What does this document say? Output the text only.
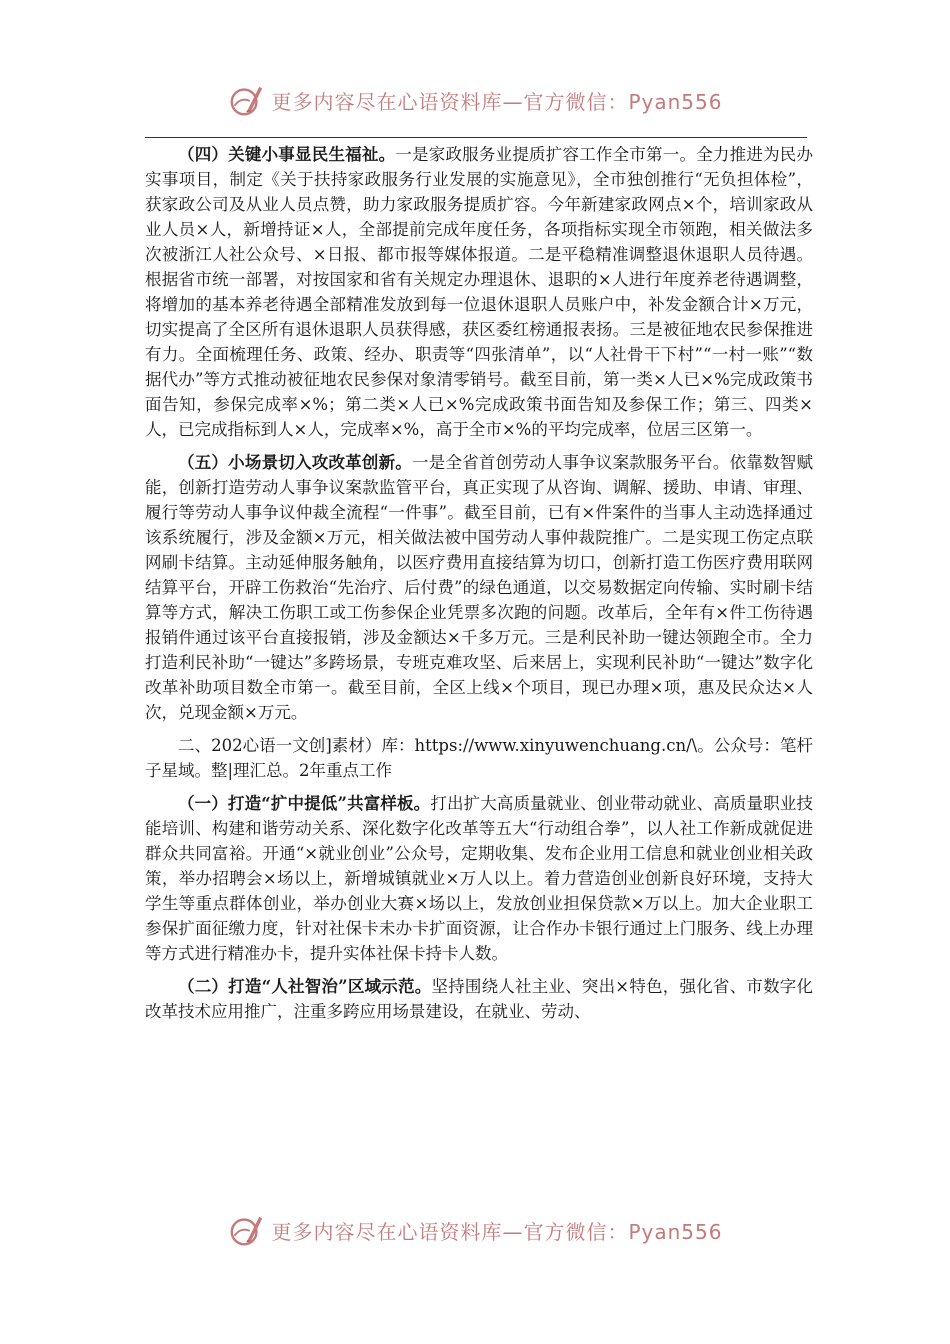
更多内容尽在心语资料库—官方微信：Pyan556

（四）关键小事显民生福祉。一是家政服务业提质扩容工作全市第一。全力推进为民办实事项目，制定《关于扶持家政服务行业发展的实施意见》，全市独创推行“无负担体检”，获家政公司及从业人员点赞，助力家政服务提质扩容。今年新建家政网点×个，培训家政从业人员×人，新增持证×人，全部提前完成年度任务，各项指标实现全市领跑，相关做法多次被浙江人社公众号、×日报、都市报等媒体报道。二是平稳精准调整退休退职人员待遇。根据省市统一部署，对按国家和省有关规定办理退休、退职的×人进行年度养老待遇调整，将增加的基本养老待遇全部精准发放到每一位退休退职人员账户中，补发金额合计×万元，切实提高了全区所有退休退职人员获得感，获区委红榜通报表扬。三是被征地农民参保推进有力。全面梳理任务、政策、经办、职责等“四张清单”，以“人社骨干下村”“一村一账”“数据代办”等方式推动被征地农民参保对象清零销号。截至目前，第一类×人已×%完成政策书面告知，参保完成率×%；第二类×人已×%完成政策书面告知及参保工作；第三、四类×人，已完成指标到人×人，完成率×%，高于全市×%的平均完成率，位居三区第一。

（五）小场景切入攻改革创新。一是全省首创劳动人事争议案款服务平台。依靠数智赋能，创新打造劳动人事争议案款监管平台，真正实现了从咨询、调解、援助、申请、审理、履行等劳动人事争议仲裁全流程“一件事”。截至目前，已有×件案件的当事人主动选择通过该系统履行，涉及金额×万元，相关做法被中国劳动人事仲裁院推广。二是实现工伤定点联网刷卡结算。主动延伸服务触角，以医疗费用直接结算为切口，创新打造工伤医疗费用联网结算平台，开辟工伤救治“先治疗、后付费”的绿色通道，以交易数据定向传输、实时刷卡结算等方式，解决工伤职工或工伤参保企业凭票多次跑的问题。改革后，全年有×件工伤待遇报销件通过该平台直接报销，涉及金额达×千多万元。三是利民补助一键达领跑全市。全力打造利民补助“一键达”多跨场景，专班克难攻坚、后来居上，实现利民补助“一键达”数字化改革补助项目数全市第一。截至目前，全区上线×个项目，现已办理×项，惠及民众达×人次，兑现金额×万元。

二、202心语一文创]素材）库：https://www.xinyuwenchuang.cn/\。公众号：笔杆子星域。整|理汇总。2年重点工作

（一）打造“扩中提低”共富样板。打出扩大高质量就业、创业带动就业、高质量职业技能培训、构建和谐劳动关系、深化数字化改革等五大“行动组合拳”，以人社工作新成就促进群众共同富裕。开通“×就业创业”公众号，定期收集、发布企业用工信息和就业创业相关政策，举办招聘会×场以上，新增城镇就业×万人以上。着力营造创业创新良好环境，支持大学生等重点群体创业，举办创业大赛×场以上，发放创业担保贷款×万以上。加大企业职工参保扩面征缴力度，针对社保卡未办卡扩面资源，让合作办卡银行通过上门服务、线上办理等方式进行精准办卡，提升实体社保卡持卡人数。

（二）打造“人社智治”区域示范。坚持围绕人社主业、突出×特色，强化省、市数字化改革技术应用推广，注重多跨应用场景建设，在就业、劳动、

更多内容尽在心语资料库—官方微信：Pyan556
